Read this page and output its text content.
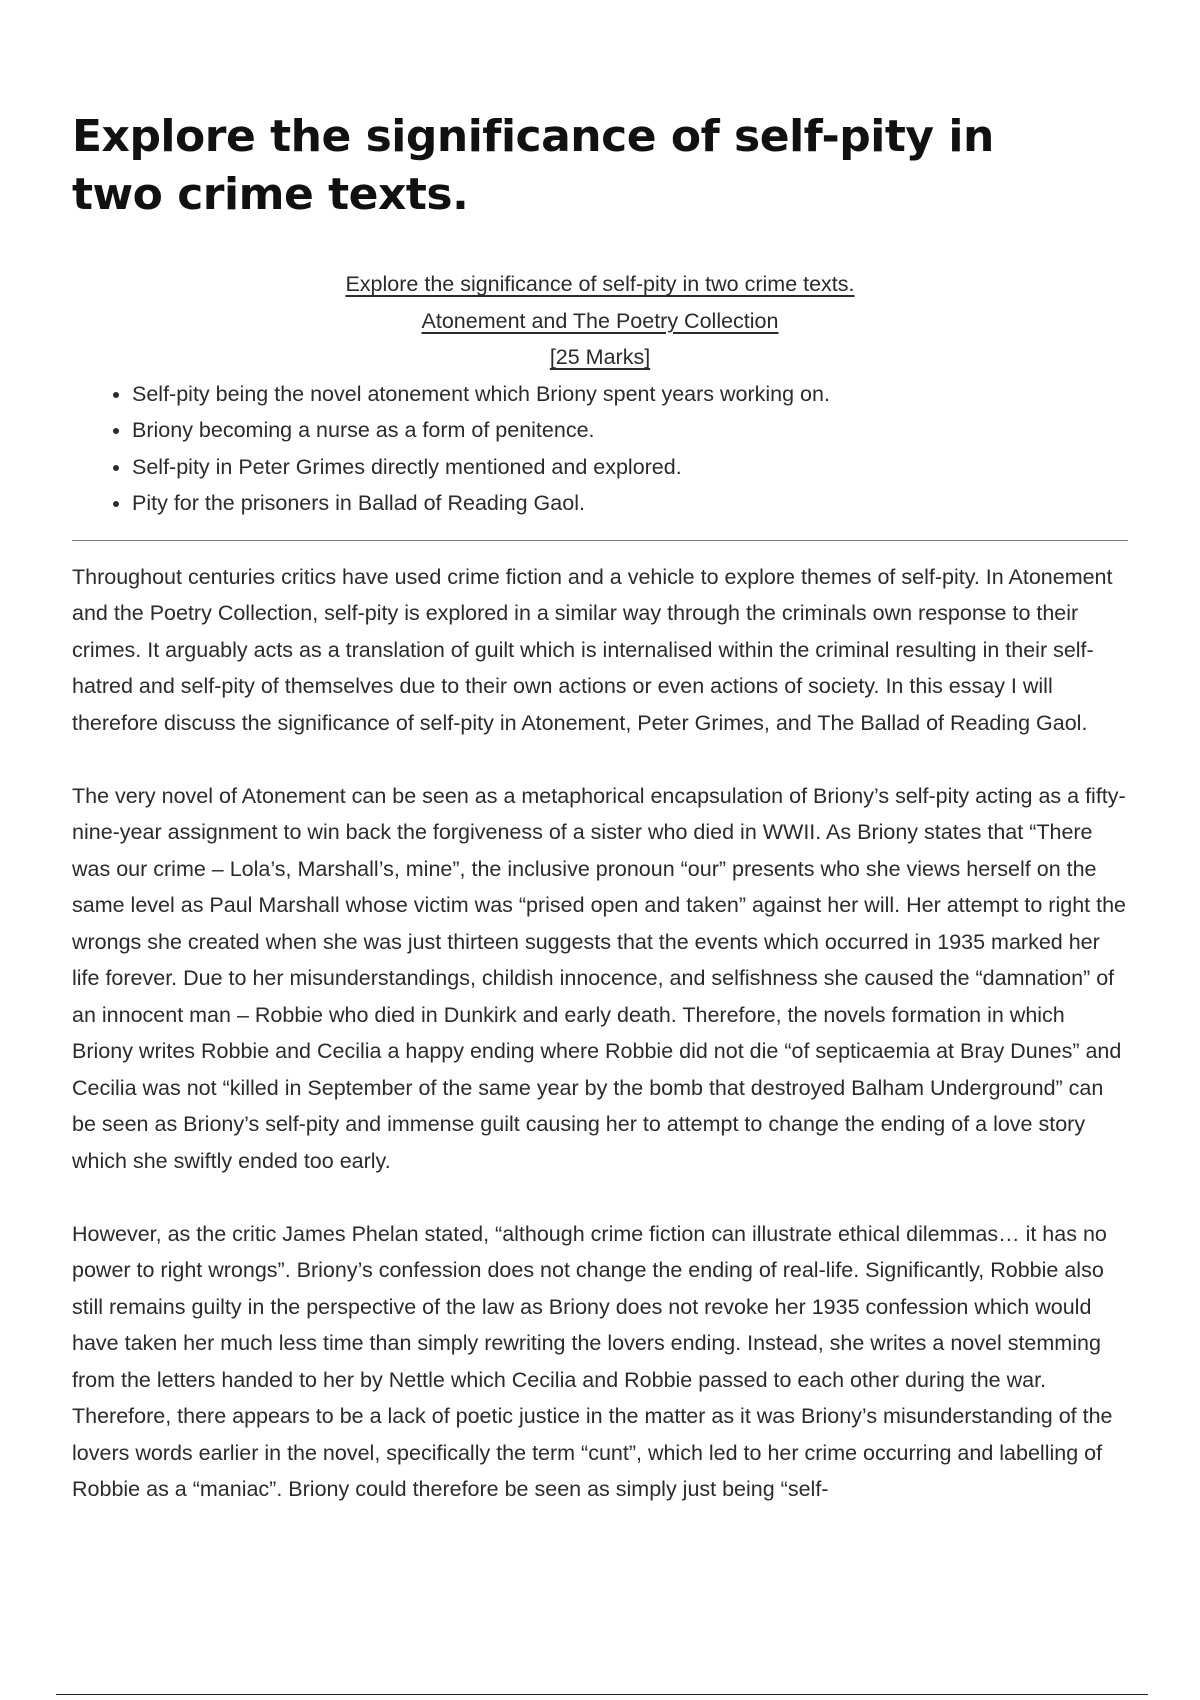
Explore the significance of self-pity in two crime texts.
Explore the significance of self-pity in two crime texts.
Atonement and The Poetry Collection
[25 Marks]
• Self-pity being the novel atonement which Briony spent years working on.
• Briony becoming a nurse as a form of penitence.
• Self-pity in Peter Grimes directly mentioned and explored.
• Pity for the prisoners in Ballad of Reading Gaol.

Throughout centuries critics have used crime fiction and a vehicle to explore themes of self-pity. In Atonement and the Poetry Collection, self-pity is explored in a similar way through the criminals own response to their crimes. It arguably acts as a translation of guilt which is internalised within the criminal resulting in their self-hatred and self-pity of themselves due to their own actions or even actions of society. In this essay I will therefore discuss the significance of self-pity in Atonement, Peter Grimes, and The Ballad of Reading Gaol.

The very novel of Atonement can be seen as a metaphorical encapsulation of Briony’s self-pity acting as a fifty-nine-year assignment to win back the forgiveness of a sister who died in WWII. As Briony states that “There was our crime – Lola’s, Marshall’s, mine”, the inclusive pronoun “our” presents who she views herself on the same level as Paul Marshall whose victim was “prised open and taken” against her will. Her attempt to right the wrongs she created when she was just thirteen suggests that the events which occurred in 1935 marked her life forever. Due to her misunderstandings, childish innocence, and selfishness she caused the “damnation” of an innocent man – Robbie who died in Dunkirk and early death. Therefore, the novels formation in which Briony writes Robbie and Cecilia a happy ending where Robbie did not die “of septicaemia at Bray Dunes” and Cecilia was not “killed in September of the same year by the bomb that destroyed Balham Underground” can be seen as Briony’s self-pity and immense guilt causing her to attempt to change the ending of a love story which she swiftly ended too early.

However, as the critic James Phelan stated, “although crime fiction can illustrate ethical dilemmas… it has no power to right wrongs”. Briony’s confession does not change the ending of real-life. Significantly, Robbie also still remains guilty in the perspective of the law as Briony does not revoke her 1935 confession which would have taken her much less time than simply rewriting the lovers ending. Instead, she writes a novel stemming from the letters handed to her by Nettle which Cecilia and Robbie passed to each other during the war. Therefore, there appears to be a lack of poetic justice in the matter as it was Briony’s misunderstanding of the lovers words earlier in the novel, specifically the term “cunt”, which led to her crime occurring and labelling of Robbie as a “maniac”. Briony could therefore be seen as simply just being “self-
